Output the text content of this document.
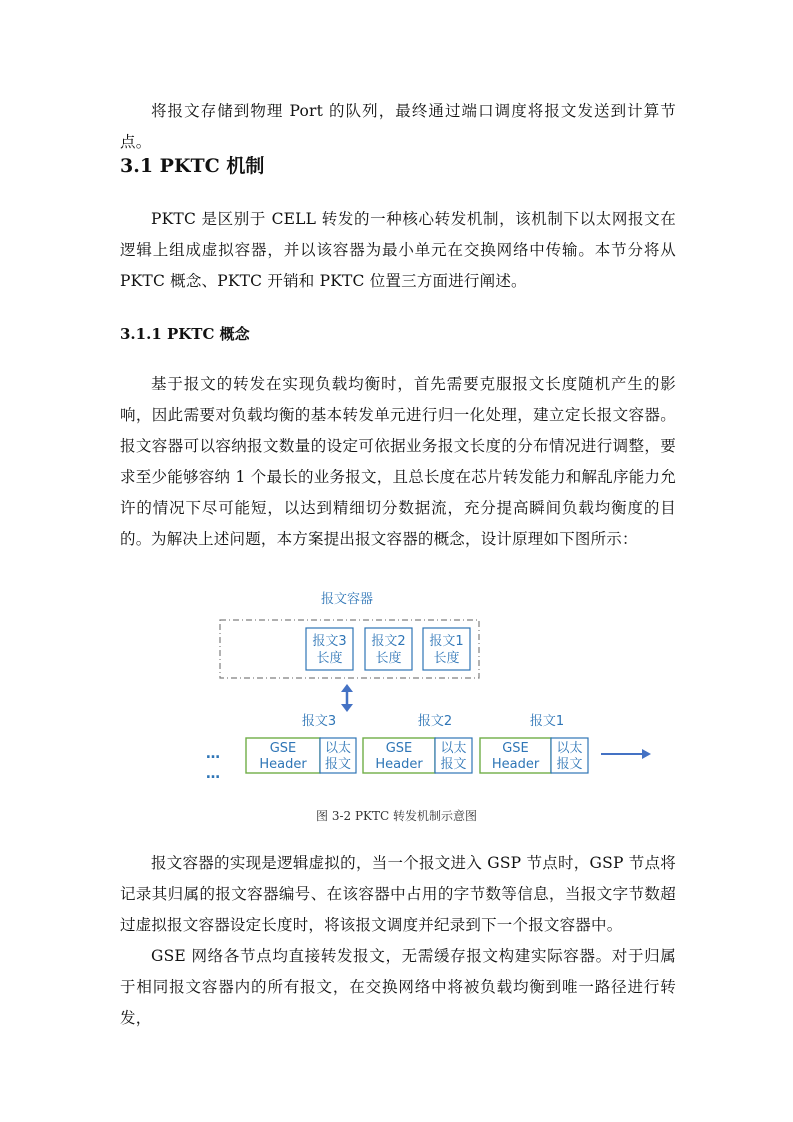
将报文存储到物理 Port 的队列，最终通过端口调度将报文发送到计算节点。
3.1 PKTC 机制
PKTC 是区别于 CELL 转发的一种核心转发机制，该机制下以太网报文在逻辑上组成虚拟容器，并以该容器为最小单元在交换网络中传输。本节分将从 PKTC 概念、PKTC 开销和 PKTC 位置三方面进行阐述。
3.1.1 PKTC 概念
基于报文的转发在实现负载均衡时，首先需要克服报文长度随机产生的影响，因此需要对负载均衡的基本转发单元进行归一化处理，建立定长报文容器。报文容器可以容纳报文数量的设定可依据业务报文长度的分布情况进行调整，要求至少能够容纳 1 个最长的业务报文，且总长度在芯片转发能力和解乱序能力允许的情况下尽可能短，以达到精细切分数据流，充分提高瞬间负载均衡度的目的。 为解决上述问题，本方案提出报文容器的概念，设计原理如下图所示：
报文容器
报文3
长度
报文2
长度
报文1
长度
报文3	报文2	报文1
…
…
GSE
Header
以太
报文
GSE
Header
以太
报文
GSE
Header
以太
报文
图 3-2 PKTC 转发机制示意图
报文容器的实现是逻辑虚拟的，当一个报文进入 GSP 节点时，GSP 节点将记录其归属的报文容器编号、在该容器中占用的字节数等信息，当报文字节数超过虚拟报文容器设定长度时，将该报文调度并纪录到下一个报文容器中。
GSE 网络各节点均直接转发报文，无需缓存报文构建实际容器。对于归属于相同报文容器内的所有报文，在交换网络中将被负载均衡到唯一路径进行转发，
